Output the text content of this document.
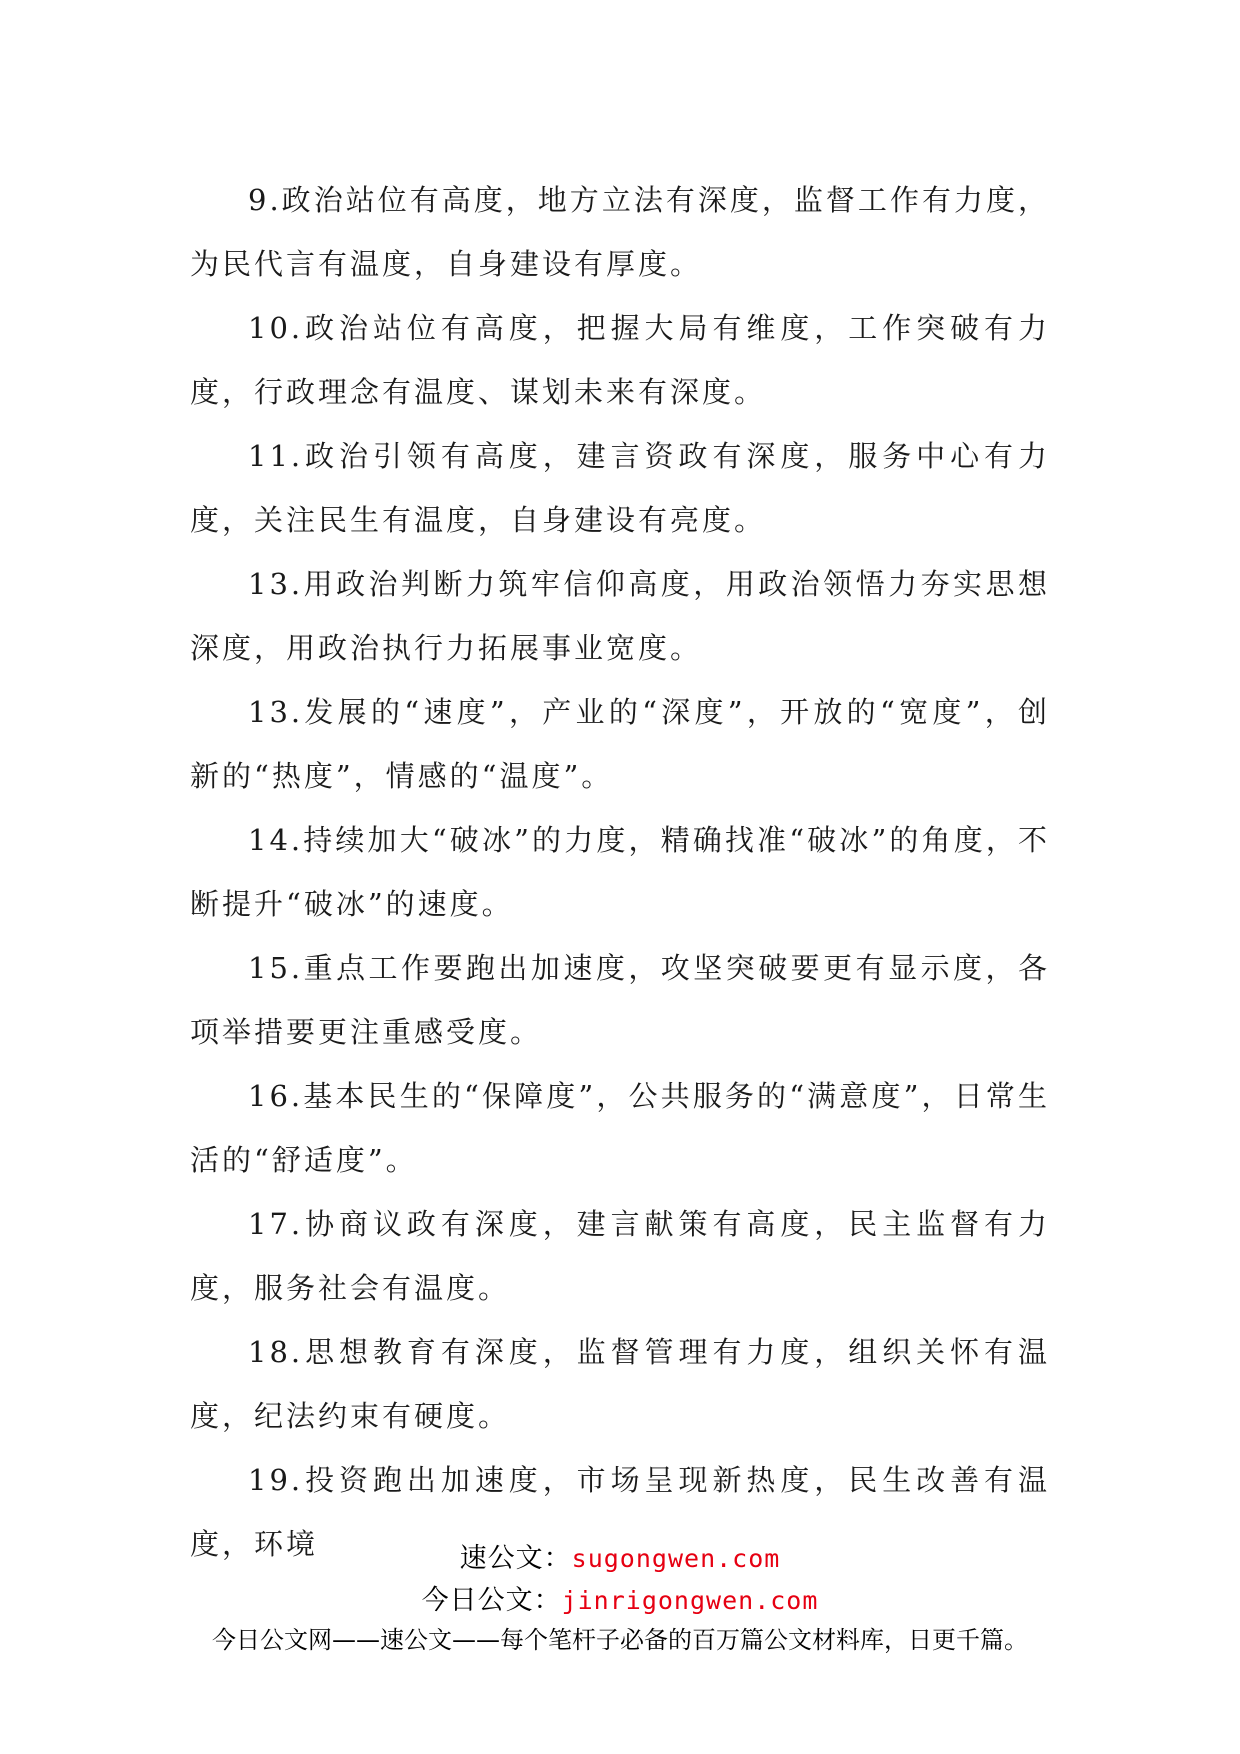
9.政治站位有高度，地方立法有深度，监督工作有力度，为民代言有温度，自身建设有厚度。

10.政治站位有高度，把握大局有维度，工作突破有力度，行政理念有温度、谋划未来有深度。

11.政治引领有高度，建言资政有深度，服务中心有力度，关注民生有温度，自身建设有亮度。

13.用政治判断力筑牢信仰高度，用政治领悟力夯实思想深度，用政治执行力拓展事业宽度。

13.发展的“速度”，产业的“深度”，开放的“宽度”，创新的“热度”，情感的“温度”。

14.持续加大“破冰”的力度，精确找准“破冰”的角度，不断提升“破冰”的速度。

15.重点工作要跑出加速度，攻坚突破要更有显示度，各项举措要更注重感受度。

16.基本民生的“保障度”，公共服务的“满意度”，日常生活的“舒适度”。

17.协商议政有深度，建言献策有高度，民主监督有力度，服务社会有温度。

18.思想教育有深度，监督管理有力度，组织关怀有温度，纪法约束有硬度。

19.投资跑出加速度，市场呈现新热度，民生改善有温度，环境	速公文：sugongwen.com
今日公文：jinrigongwen.com
今日公文网——速公文——每个笔杆子必备的百万篇公文材料库，日更千篇。
